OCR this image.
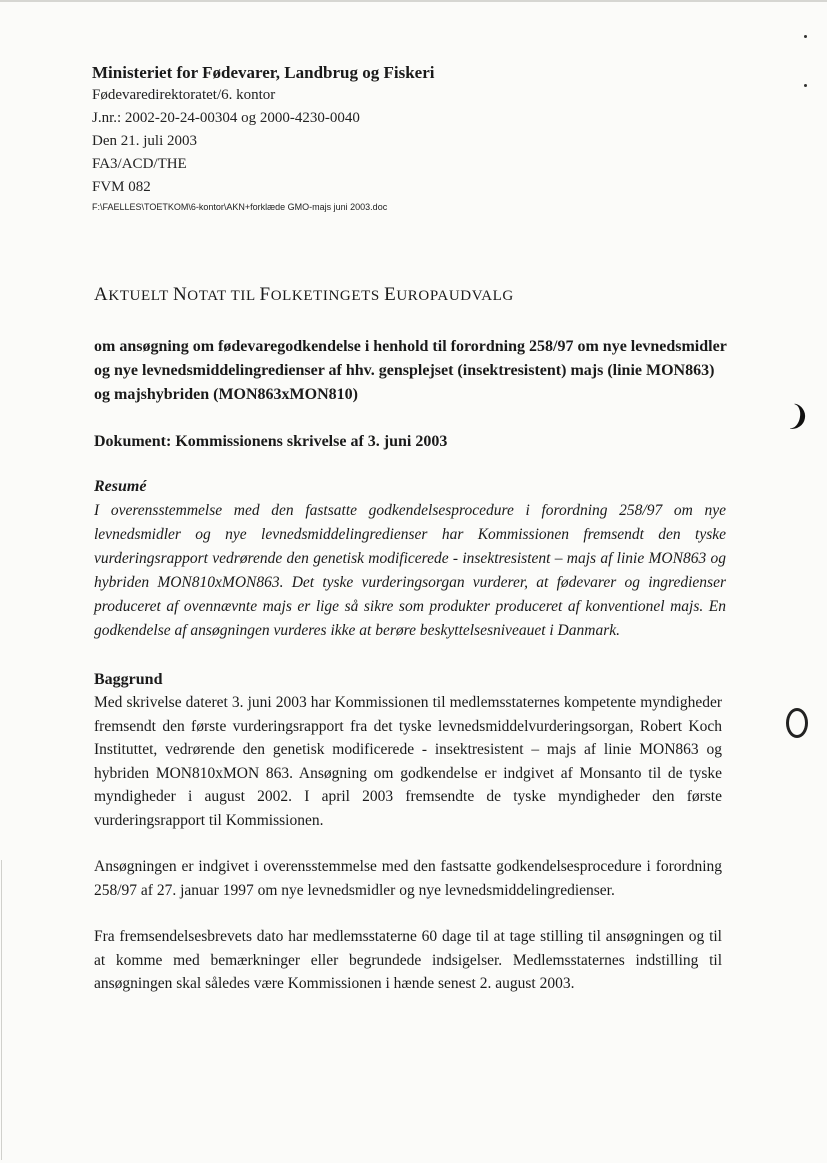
❩

Ministeriet for Fødevarer, Landbrug og Fiskeri

Fødevaredirektoratet/6. kontor

J.nr.: 2002-20-24-00304 og 2000-4230-0040

Den 21. juli 2003

FA3/ACD/THE

FVM 082

F:\FAELLES\TOETKOM\6-kontor\AKN+forklæde GMO-majs juni 2003.doc

AKTUELT NOTAT TIL FOLKETINGETS EUROPAUDVALG

om ansøgning om fødevaregodkendelse i henhold til forordning 258/97 om nye levnedsmidler og nye levnedsmiddelingredienser af hhv. gensplejset (insektresistent) majs (linie MON863) og majshybriden (MON863xMON810)

Dokument: Kommissionens skrivelse af 3. juni 2003

Resumé

I overensstemmelse med den fastsatte godkendelsesprocedure i forordning 258/97 om nye levnedsmidler og nye levnedsmiddelingredienser har Kommissionen fremsendt den tyske vurderingsrapport vedrørende den genetisk modificerede - insektresistent – majs af linie MON863 og hybriden MON810xMON863. Det tyske vurderingsorgan vurderer, at fødevarer og ingredienser produceret af ovennævnte majs er lige så sikre som produkter produceret af konventionel majs. En godkendelse af ansøgningen vurderes ikke at berøre beskyttelsesniveauet i Danmark.

Baggrund

Med skrivelse dateret 3. juni 2003 har Kommissionen til medlemsstaternes kompetente myndigheder fremsendt den første vurderingsrapport fra det tyske levnedsmiddelvurderingsorgan, Robert Koch Instituttet, vedrørende den genetisk modificerede - insektresistent – majs af linie MON863 og hybriden MON810xMON 863. Ansøgning om godkendelse er indgivet af Monsanto til de tyske myndigheder i august 2002. I april 2003 fremsendte de tyske myndigheder den første vurderingsrapport til Kommissionen.

Ansøgningen er indgivet i overensstemmelse med den fastsatte godkendelsesprocedure i forordning 258/97 af 27. januar 1997 om nye levnedsmidler og nye levnedsmiddelingredienser.

Fra fremsendelsesbrevets dato har medlemsstaterne 60 dage til at tage stilling til ansøgningen og til at komme med bemærkninger eller begrundede indsigelser. Medlemsstaternes indstilling til ansøgningen skal således være Kommissionen i hænde senest 2. august 2003.
